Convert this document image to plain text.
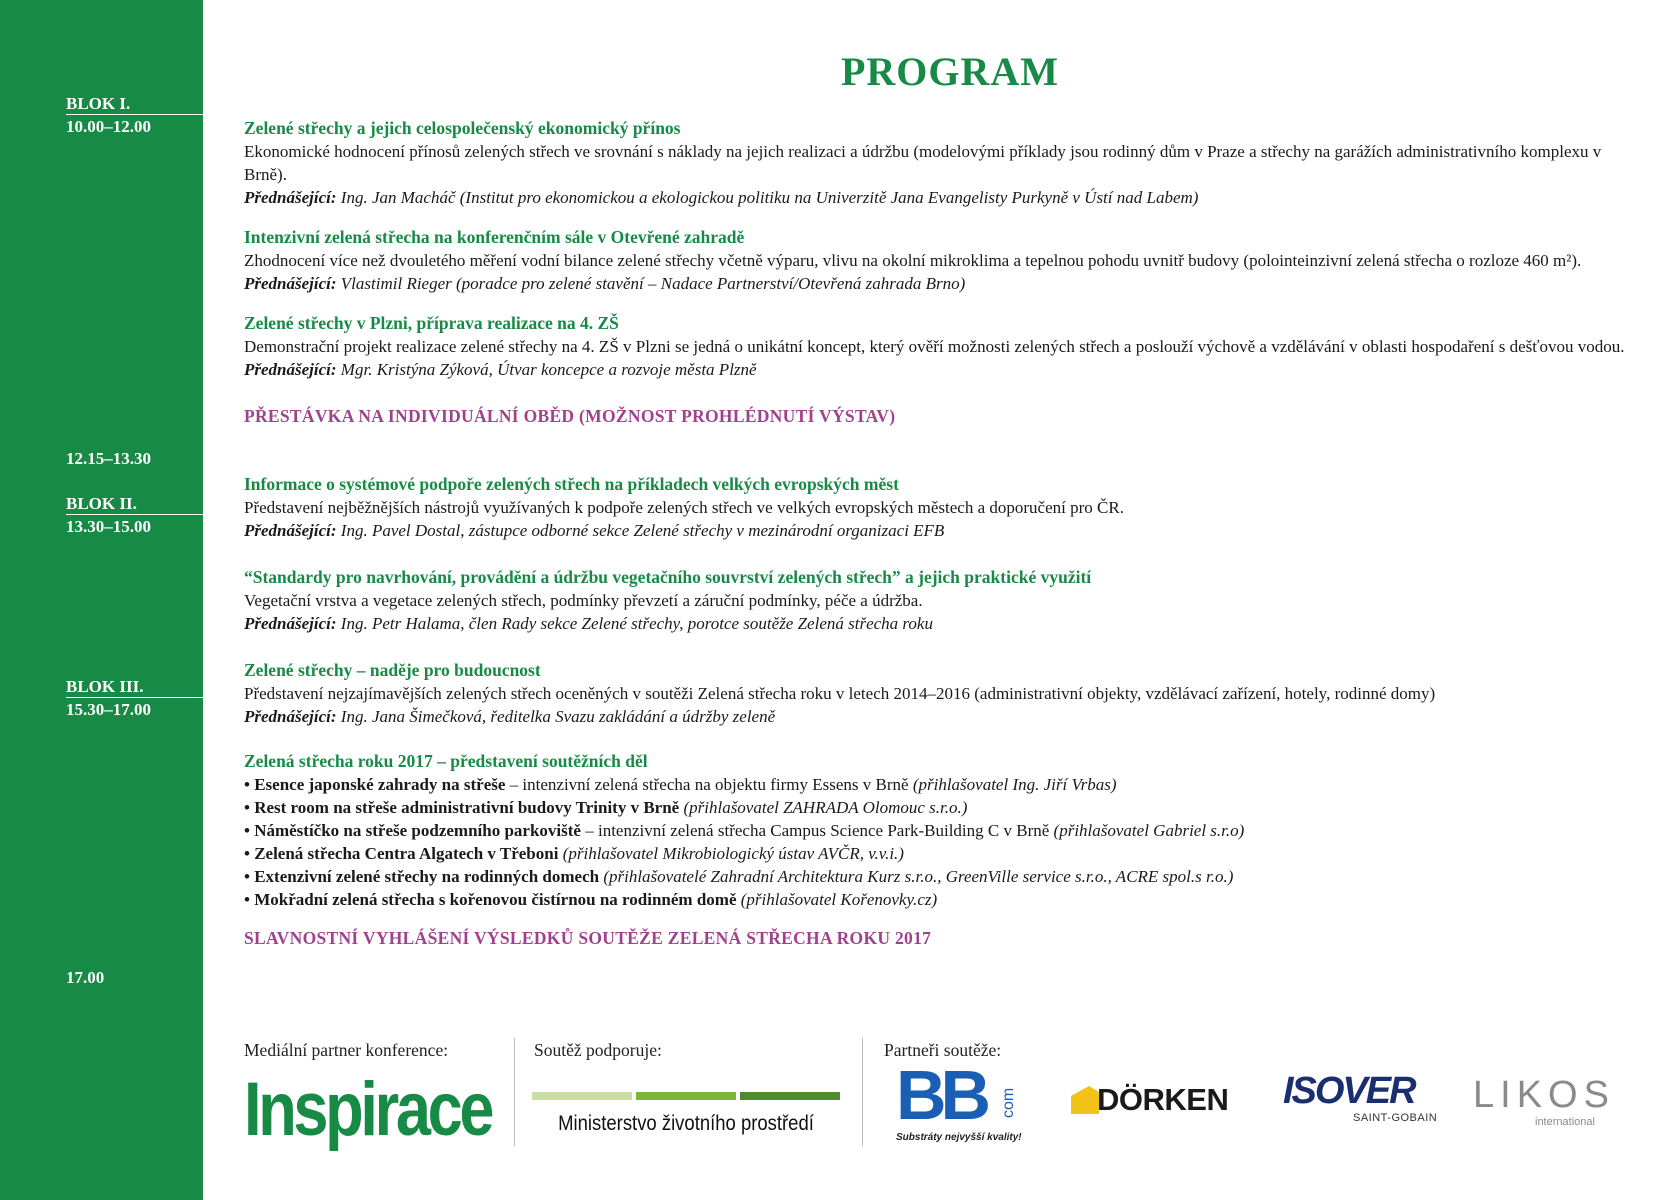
BLOK I.
10.00–12.00
12.15–13.30
BLOK II.
13.30–15.00
BLOK III.
15.30–17.00
17.00
PROGRAM
Zelené střechy a jejich celospolečenský ekonomický přínos

Ekonomické hodnocení přínosů zelených střech ve srovnání s náklady na jejich realizaci a údržbu (modelovými příklady jsou rodinný dům v Praze a střechy na garážích administrativního komplexu v Brně).

Přednášející: Ing. Jan Macháč (Institut pro ekonomickou a ekologickou politiku na Univerzitě Jana Evangelisty Purkyně v Ústí nad Labem)

Intenzivní zelená střecha na konferenčním sále v Otevřené zahradě

Zhodnocení více než dvouletého měření vodní bilance zelené střechy včetně výparu, vlivu na okolní mikroklima a tepelnou pohodu uvnitř budovy (polointeinzivní zelená střecha o rozloze 460 m²).

Přednášející: Vlastimil Rieger (poradce pro zelené stavění – Nadace Partnerství/Otevřená zahrada Brno)

Zelené střechy v Plzni, příprava realizace na 4. ZŠ

Demonstrační projekt realizace zelené střechy na 4. ZŠ v Plzni se jedná o unikátní koncept, který ověří možnosti zelených střech a poslouží výchově a vzdělávání v oblasti hospodaření s dešťovou vodou.

Přednášející: Mgr. Kristýna Zýková, Útvar koncepce a rozvoje města Plzně

PŘESTÁVKA NA INDIVIDUÁLNÍ OBĚD (MOŽNOST PROHLÉDNUTÍ VÝSTAV)
Informace o systémové podpoře zelených střech na příkladech velkých evropských měst

Představení nejběžnějších nástrojů využívaných k podpoře zelených střech ve velkých evropských městech a doporučení pro ČR.

Přednášející: Ing. Pavel Dostal, zástupce odborné sekce Zelené střechy v mezinárodní organizaci EFB

“Standardy pro navrhování, provádění a údržbu vegetačního souvrství zelených střech” a jejich praktické využití

Vegetační vrstva a vegetace zelených střech, podmínky převzetí a záruční podmínky, péče a údržba.

Přednášející: Ing. Petr Halama, člen Rady sekce Zelené střechy, porotce soutěže Zelená střecha roku

Zelené střechy – naděje pro budoucnost

Představení nejzajímavějších zelených střech oceněných v soutěži Zelená střecha roku v letech 2014–2016 (administrativní objekty, vzdělávací zařízení, hotely, rodinné domy)

Přednášející: Ing. Jana Šimečková, ředitelka Svazu zakládání a údržby zeleně

Zelená střecha roku 2017 – představení soutěžních děl
• Esence japonské zahrady na střeše – intenzivní zelená střecha na objektu firmy Essens v Brně (přihlašovatel Ing. Jiří Vrbas)
• Rest room na střeše administrativní budovy Trinity v Brně (přihlašovatel ZAHRADA Olomouc s.r.o.)
• Náměstíčko na střeše podzemního parkoviště – intenzivní zelená střecha Campus Science Park-Building C v Brně (přihlašovatel Gabriel s.r.o)
• Zelená střecha Centra Algatech v Třeboni (přihlašovatel Mikrobiologický ústav AVČR, v.v.i.)
• Extenzivní zelené střechy na rodinných domech (přihlašovatelé Zahradní Architektura Kurz s.r.o., GreenVille service s.r.o., ACRE spol.s r.o.)
• Mokřadní zelená střecha s kořenovou čistírnou na rodinném domě (přihlašovatel Kořenovky.cz)
SLAVNOSTNÍ VYHLÁŠENÍ VÝSLEDKŮ SOUTĚŽE ZELENÁ STŘECHA ROKU 2017
Mediální partner konference:
Inspirace
Soutěž podporuje:
Ministerstvo životního prostředí
Partneři soutěže:
BB com
Substráty nejvyšší kvality!
DÖRKEN ISOVER
SAINT-GOBAIN
LIKOS
international
